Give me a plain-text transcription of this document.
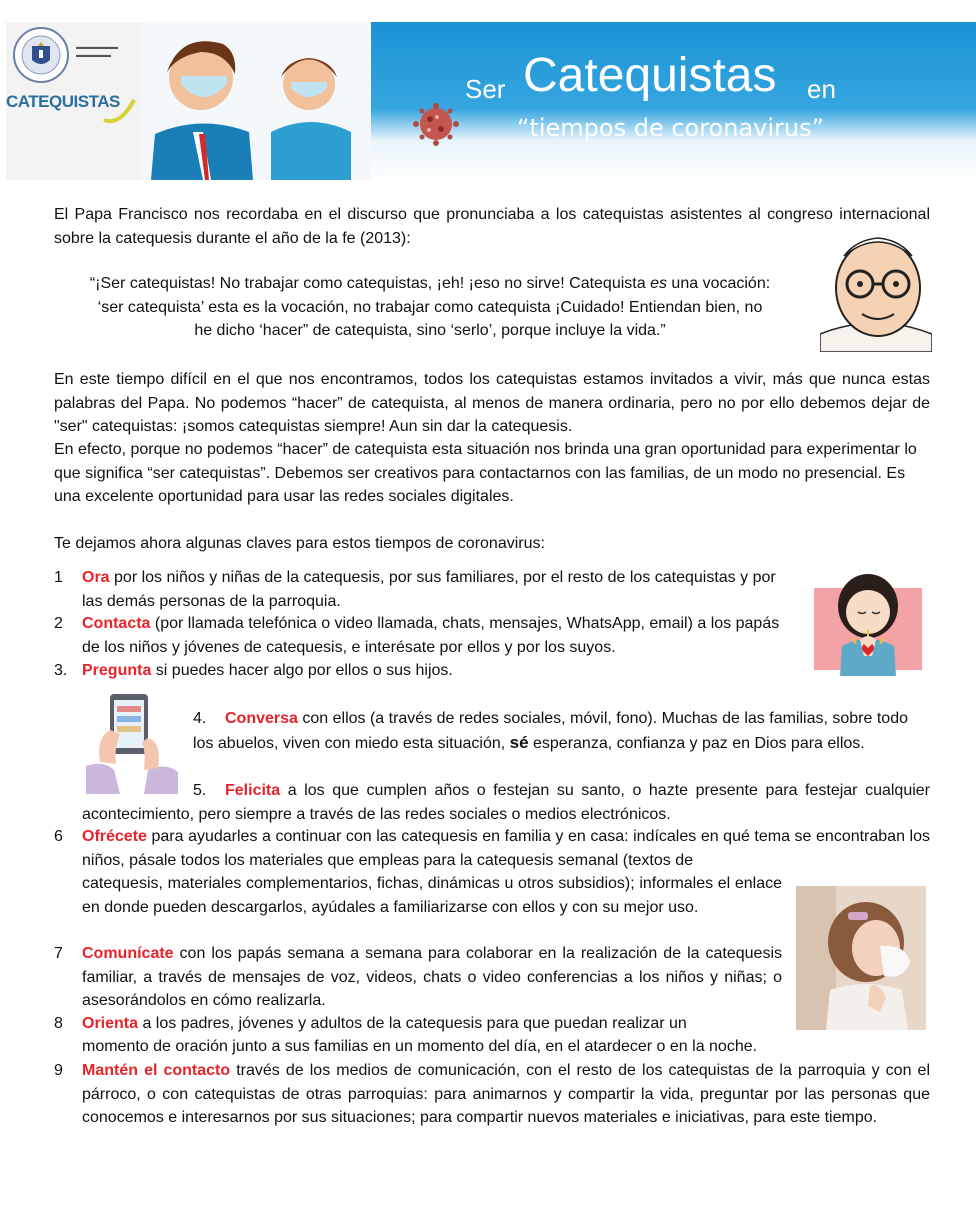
▬▬▬▬▬▬
▬▬▬▬▬
CATEQUISTAS	Ser Catequistas en
“tiempos de coronavirus”

El Papa Francisco nos recordaba en el discurso que pronunciaba a los catequistas asistentes al congreso internacional sobre la catequesis durante el año de la fe (2013):

“¡Ser catequistas! No trabajar como catequistas, ¡eh! ¡eso no sirve! Catequista es una vocación:
‘ser catequista’ esta es la vocación, no trabajar como catequista ¡Cuidado! Entiendan bien, no
he dicho ‘hacer” de catequista, sino ‘serlo’, porque incluye la vida.”

En este tiempo difícil en el que nos encontramos, todos los catequistas estamos invitados a vivir, más que nunca estas palabras del Papa. No podemos “hacer” de catequista, al menos de manera ordinaria, pero no por ello debemos dejar de "ser" catequistas: ¡somos catequistas siempre! Aun sin dar la catequesis.

En efecto, porque no podemos “hacer” de catequista esta situación nos brinda una gran oportunidad para experimentar lo que significa “ser catequistas”. Debemos ser creativos para contactarnos con las familias, de un modo no presencial. Es una excelente oportunidad para usar las redes sociales digitales.

Te dejamos ahora algunas claves para estos tiempos de coronavirus:

1 Ora por los niños y niñas de la catequesis, por sus familiares, por el resto de los catequistas y por las demás personas de la parroquia.

2 Contacta (por llamada telefónica o video llamada, chats, mensajes, WhatsApp, email) a los papás de los niños y jóvenes de catequesis, e interésate por ellos y por los suyos.

3. Pregunta si puedes hacer algo por ellos o sus hijos.

4.	Conversa con ellos (a través de redes sociales, móvil, fono). Muchas de las familias, sobre todo los abuelos, viven con miedo esta situación, sé esperanza, confianza y paz en Dios para ellos.

5.	Felicita a los que cumplen años o festejan su santo, o hazte presente para festejar cualquier acontecimiento, pero siempre a través de las redes sociales o medios electrónicos.

6 Ofrécete para ayudarles a continuar con las catequesis en familia y en casa: indícales en qué tema se encontraban los niños, pásale todos los materiales que empleas para la catequesis semanal (textos de

catequesis, materiales complementarios, fichas, dinámicas u otros subsidios); informales el enlace en donde pueden descargarlos, ayúdales a familiarizarse con ellos y con su mejor uso.

7 Comunícate con los papás semana a semana para colaborar en la realización de la catequesis familiar, a través de mensajes de voz, videos, chats o video conferencias a los niños y niñas; o asesorándolos en cómo realizarla.

8 Orienta a los padres, jóvenes y adultos de la catequesis para que puedan realizar un

momento de oración junto a sus familias en un momento del día, en el atardecer o en la noche.

9 Mantén el contacto través de los medios de comunicación, con el resto de los catequistas de la parroquia y con el párroco, o con catequistas de otras parroquias: para animarnos y compartir la vida, preguntar por las personas que conocemos e interesarnos por sus situaciones; para compartir nuevos materiales e iniciativas, para este tiempo.
